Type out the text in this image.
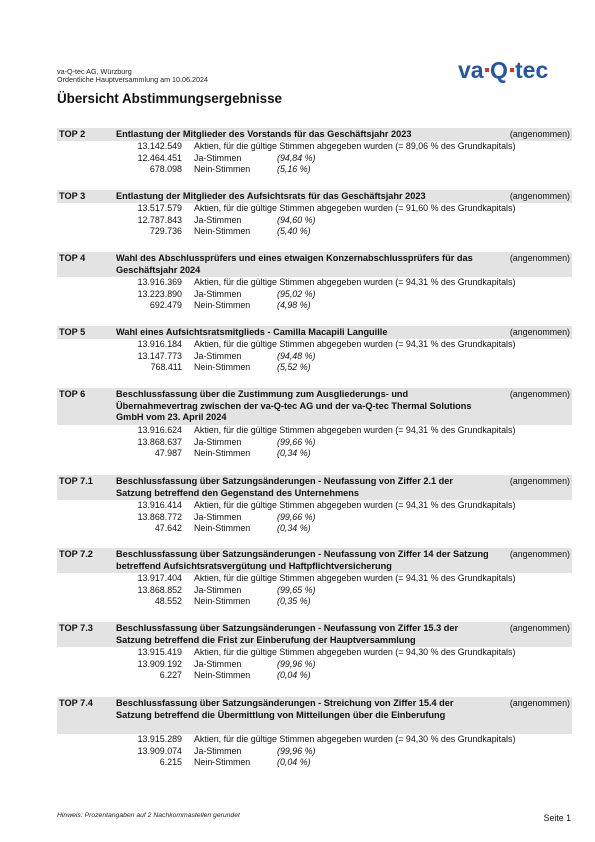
va-Q-tec AG, Würzburg
Ordentliche Hauptversammlung am 10.06.2024	va Q tec
Übersicht Abstimmungsergebnisse
TOP 2	Entlastung der Mitglieder des Vorstands für das Geschäftsjahr 2023	(angenommen)
13.142.549 Aktien, für die gültige Stimmen abgegeben wurden (= 89,06 % des Grundkapitals)
12.464.451 Ja-Stimmen	(94,84 %)
678.098 Nein-Stimmen	(5,16 %)
TOP 3	Entlastung der Mitglieder des Aufsichtsrats für das Geschäftsjahr 2023	(angenommen)
13.517.579 Aktien, für die gültige Stimmen abgegeben wurden (= 91,60 % des Grundkapitals)
12.787.843 Ja-Stimmen	(94,60 %)
729.736 Nein-Stimmen	(5,40 %)
TOP 4	Wahl des Abschlussprüfers und eines etwaigen Konzernabschlussprüfers für das Geschäftsjahr 2024
(angenommen)
13.916.369 Aktien, für die gültige Stimmen abgegeben wurden (= 94,31 % des Grundkapitals)
13.223.890 Ja-Stimmen	(95,02 %)
692.479 Nein-Stimmen	(4,98 %)
TOP 5	Wahl eines Aufsichtsratsmitglieds - Camilla Macapili Languille	(angenommen)
13.916.184 Aktien, für die gültige Stimmen abgegeben wurden (= 94,31 % des Grundkapitals)
13.147.773 Ja-Stimmen	(94,48 %)
768.411 Nein-Stimmen	(5,52 %)
TOP 6	Beschlussfassung über die Zustimmung zum Ausgliederungs- und Übernahmevertrag zwischen der va-Q-tec AG und der va-Q-tec Thermal Solutions GmbH vom 23. April 2024
(angenommen)
13.916.624 Aktien, für die gültige Stimmen abgegeben wurden (= 94,31 % des Grundkapitals)
13.868.637 Ja-Stimmen	(99,66 %)
47.987 Nein-Stimmen	(0,34 %)
TOP 7.1	Beschlussfassung über Satzungsänderungen - Neufassung von Ziffer 2.1 der Satzung betreffend den Gegenstand des Unternehmens
(angenommen)
13.916.414 Aktien, für die gültige Stimmen abgegeben wurden (= 94,31 % des Grundkapitals)
13.868.772 Ja-Stimmen	(99,66 %)
47.642 Nein-Stimmen	(0,34 %)
TOP 7.2	Beschlussfassung über Satzungsänderungen - Neufassung von Ziffer 14 der Satzung betreffend Aufsichtsratsvergütung und Haftpflichtversicherung
(angenommen)
13.917.404 Aktien, für die gültige Stimmen abgegeben wurden (= 94,31 % des Grundkapitals)
13.868.852 Ja-Stimmen	(99,65 %)
48.552 Nein-Stimmen	(0,35 %)
TOP 7.3	Beschlussfassung über Satzungsänderungen - Neufassung von Ziffer 15.3 der Satzung betreffend die Frist zur Einberufung der Hauptversammlung
(angenommen)
13.915.419 Aktien, für die gültige Stimmen abgegeben wurden (= 94,30 % des Grundkapitals)
13.909.192 Ja-Stimmen	(99,96 %)
6.227 Nein-Stimmen	(0,04 %)
TOP 7.4	Beschlussfassung über Satzungsänderungen - Streichung von Ziffer 15.4 der Satzung betreffend die Übermittlung von Mitteilungen über die Einberufung
(angenommen)
13.915.289 Aktien, für die gültige Stimmen abgegeben wurden (= 94,30 % des Grundkapitals)
13.909.074 Ja-Stimmen	(99,96 %)
6.215 Nein-Stimmen	(0,04 %)
Hinweis: Prozentangaben auf 2 Nachkommastellen gerundet	Seite 1
